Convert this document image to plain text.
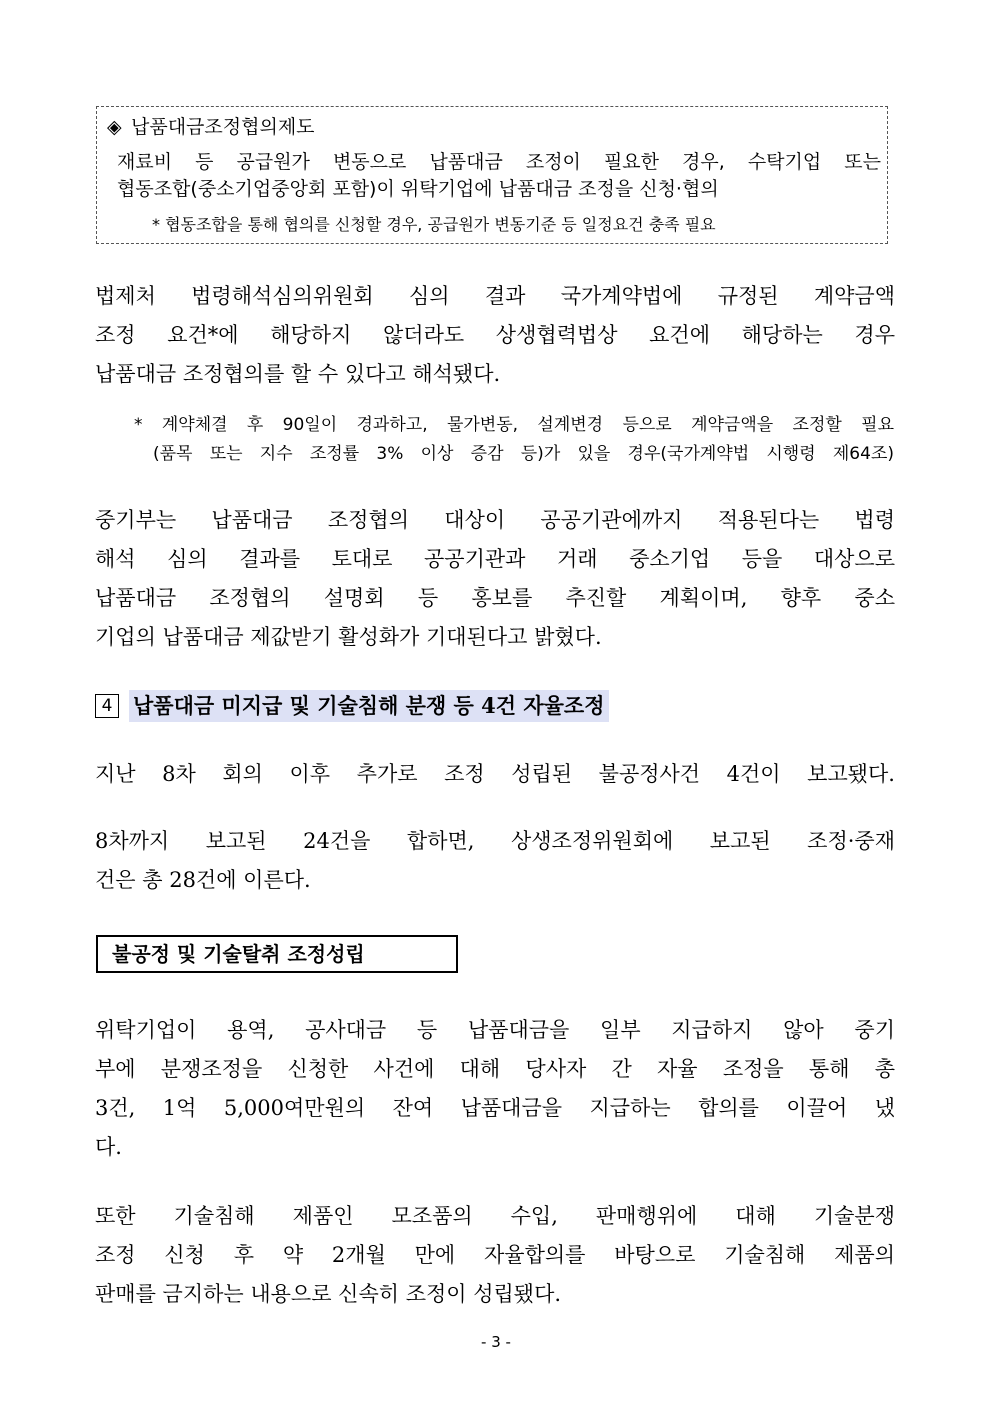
◈ 납품대금조정협의제도
재료비 등 공급원가 변동으로 납품대금 조정이 필요한 경우, 수탁기업 또는
협동조합(중소기업중앙회 포함)이 위탁기업에 납품대금 조정을 신청·협의
* 협동조합을 통해 협의를 신청할 경우, 공급원가 변동기준 등 일정요건 충족 필요
법제처 법령해석심의위원회 심의 결과 국가계약법에 규정된 계약금액
조정 요건*에 해당하지 않더라도 상생협력법상 요건에 해당하는 경우
납품대금 조정협의를 할 수 있다고 해석됐다.
* 계약체결 후 90일이 경과하고, 물가변동, 설계변경 등으로 계약금액을 조정할 필요
(품목 또는 지수 조정률 3% 이상 증감 등)가 있을 경우(국가계약법 시행령 제64조)
중기부는 납품대금 조정협의 대상이 공공기관에까지 적용된다는 법령
해석 심의 결과를 토대로 공공기관과 거래 중소기업 등을 대상으로
납품대금 조정협의 설명회 등 홍보를 추진할 계획이며, 향후 중소
기업의 납품대금 제값받기 활성화가 기대된다고 밝혔다.
4 납품대금 미지급 및 기술침해 분쟁 등 4건 자율조정
지난 8차 회의 이후 추가로 조정 성립된 불공정사건 4건이 보고됐다.
8차까지 보고된 24건을 합하면, 상생조정위원회에 보고된 조정·중재
건은 총 28건에 이른다.
불공정 및 기술탈취 조정성립
위탁기업이 용역, 공사대금 등 납품대금을 일부 지급하지 않아 중기
부에 분쟁조정을 신청한 사건에 대해 당사자 간 자율 조정을 통해 총
3건, 1억 5,000여만원의 잔여 납품대금을 지급하는 합의를 이끌어 냈
다.
또한 기술침해 제품인 모조품의 수입, 판매행위에 대해 기술분쟁
조정 신청 후 약 2개월 만에 자율합의를 바탕으로 기술침해 제품의
판매를 금지하는 내용으로 신속히 조정이 성립됐다.
- 3 -
